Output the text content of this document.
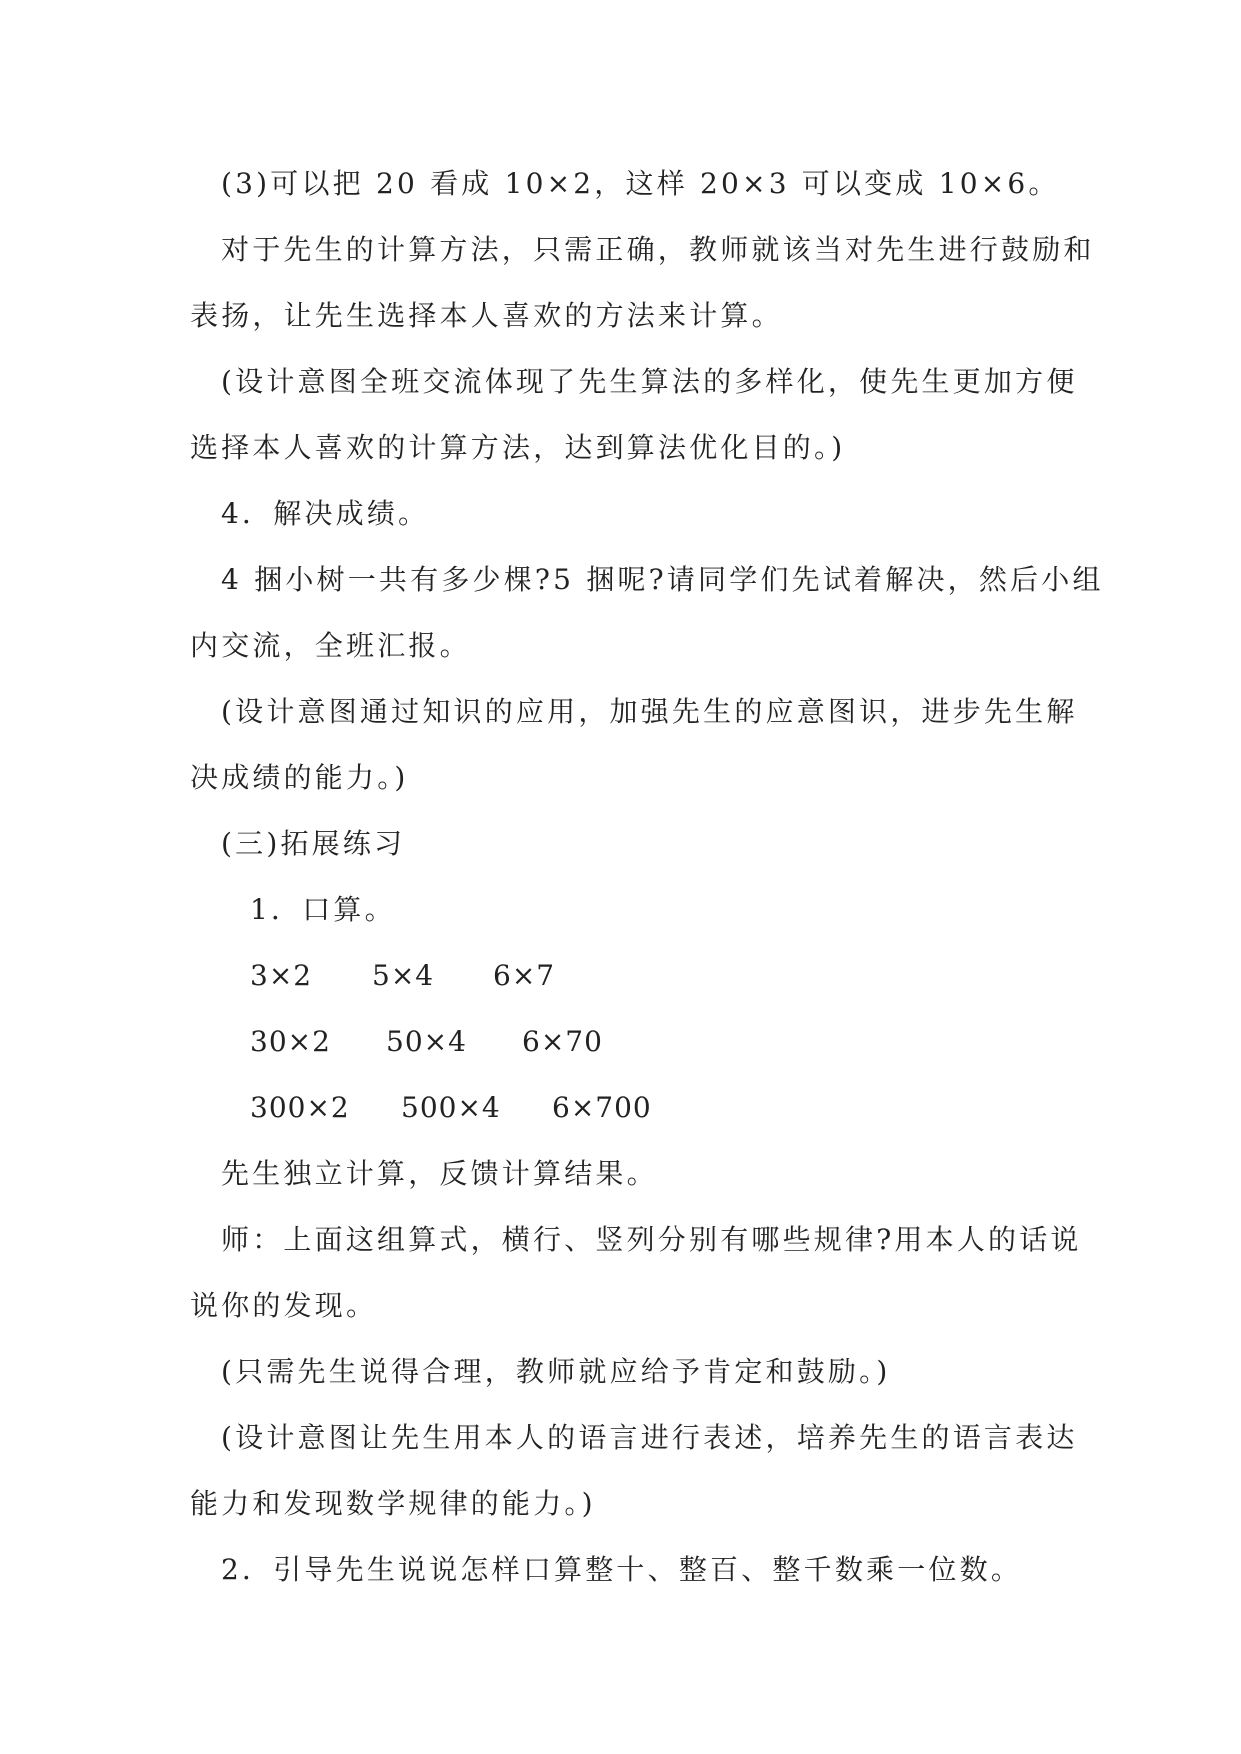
(3)可以把 20 看成 10×2，这样 20×3 可以变成 10×6。
对于先生的计算方法，只需正确，教师就该当对先生进行鼓励和
表扬，让先生选择本人喜欢的方法来计算。
(设计意图全班交流体现了先生算法的多样化，使先生更加方便
选择本人喜欢的计算方法，达到算法优化目的。)
4．解决成绩。
4 捆小树一共有多少棵?5 捆呢?请同学们先试着解决，然后小组
内交流，全班汇报。
(设计意图通过知识的应用，加强先生的应意图识，进步先生解
决成绩的能力。)
(三)拓展练习
1．口算。
3×2 5×4 6×7
30×2 50×4 6×70
300×2 500×4 6×700
先生独立计算，反馈计算结果。
师：上面这组算式，横行、竖列分别有哪些规律?用本人的话说
说你的发现。
(只需先生说得合理，教师就应给予肯定和鼓励。)
(设计意图让先生用本人的语言进行表述，培养先生的语言表达
能力和发现数学规律的能力。)
2．引导先生说说怎样口算整十、整百、整千数乘一位数。
